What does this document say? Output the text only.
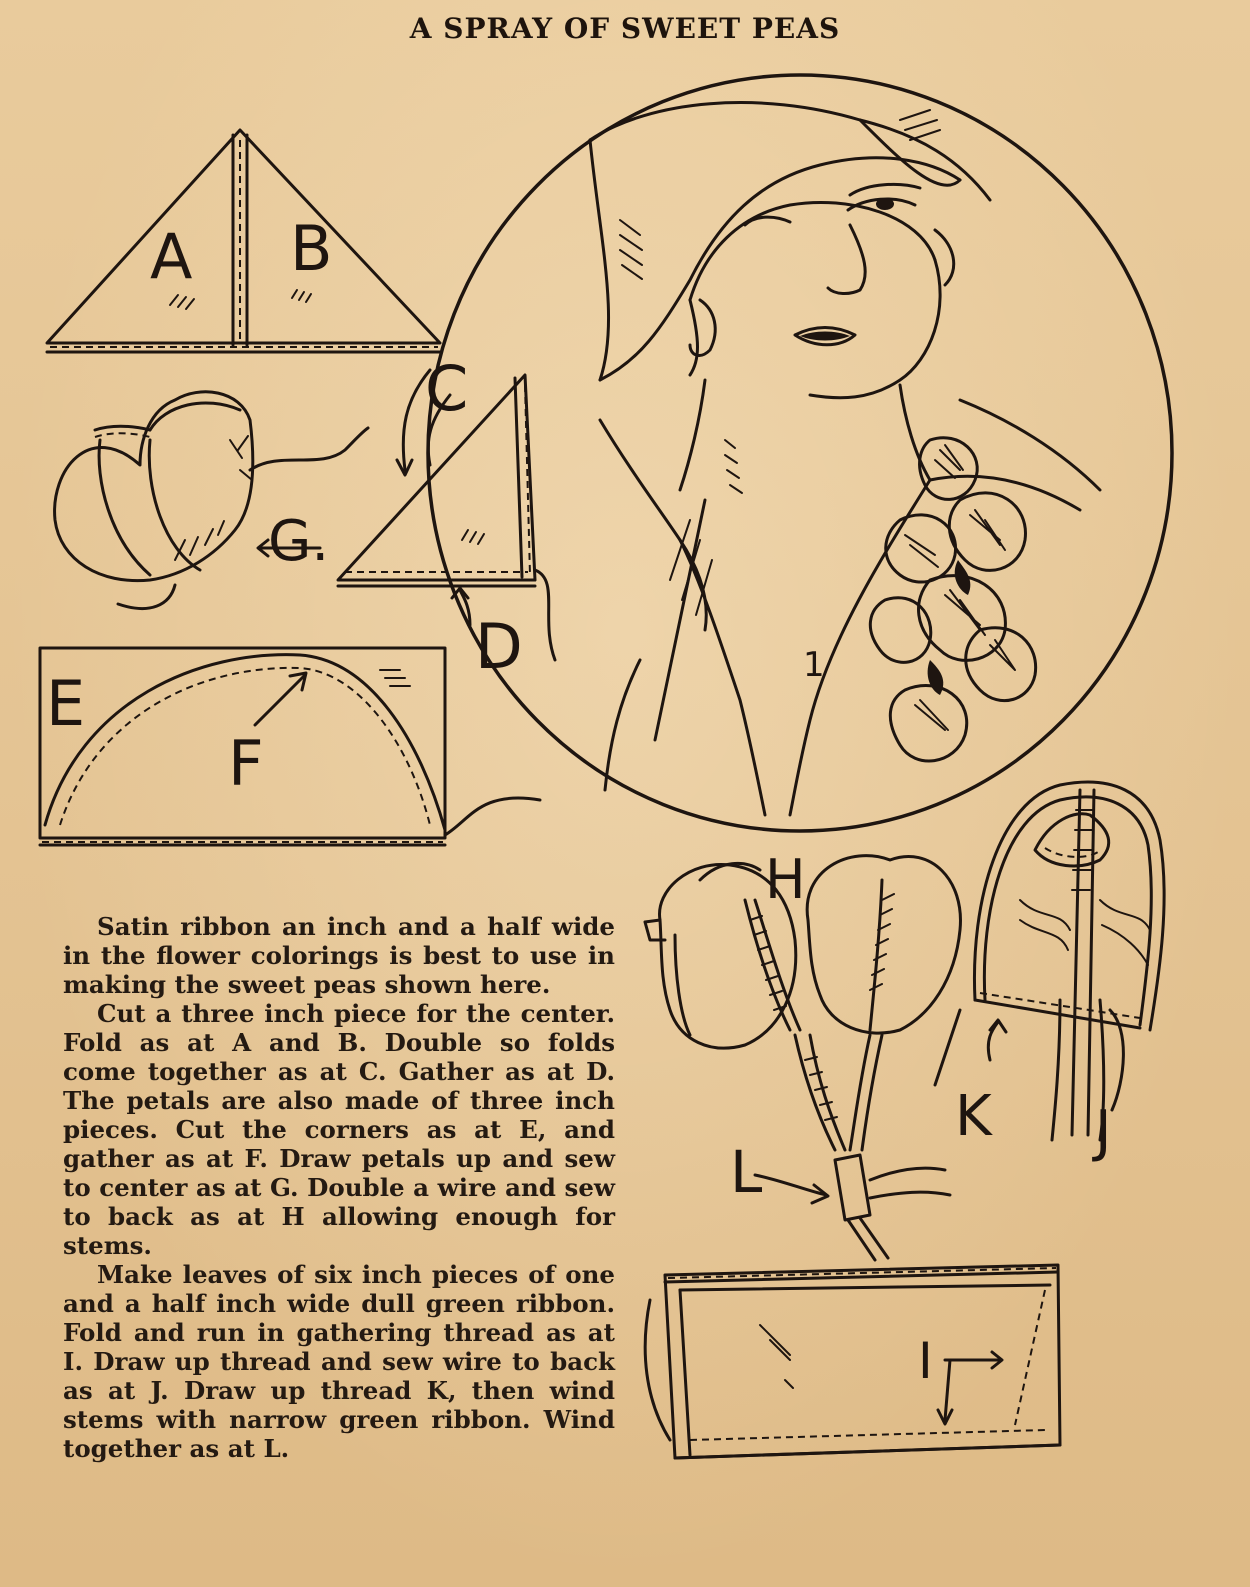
A SPRAY OF SWEET PEAS
A B
G.
C
D
E
F
1
H
L
K J
I

Satin ribbon an inch and a half wide in the flower colorings is best to use in making the sweet peas shown here.

Cut a three inch piece for the center. Fold as at A and B. Double so folds come together as at C. Gather as at D. The petals are also made of three inch pieces. Cut the corners as at E, and gather as at F. Draw petals up and sew to center as at G. Double a wire and sew to back as at H allowing enough for stems.

Make leaves of six inch pieces of one and a half inch wide dull green ribbon. Fold and run in gathering thread as at I. Draw up thread and sew wire to back as at J. Draw up thread K, then wind stems with narrow green ribbon. Wind together as at L.
